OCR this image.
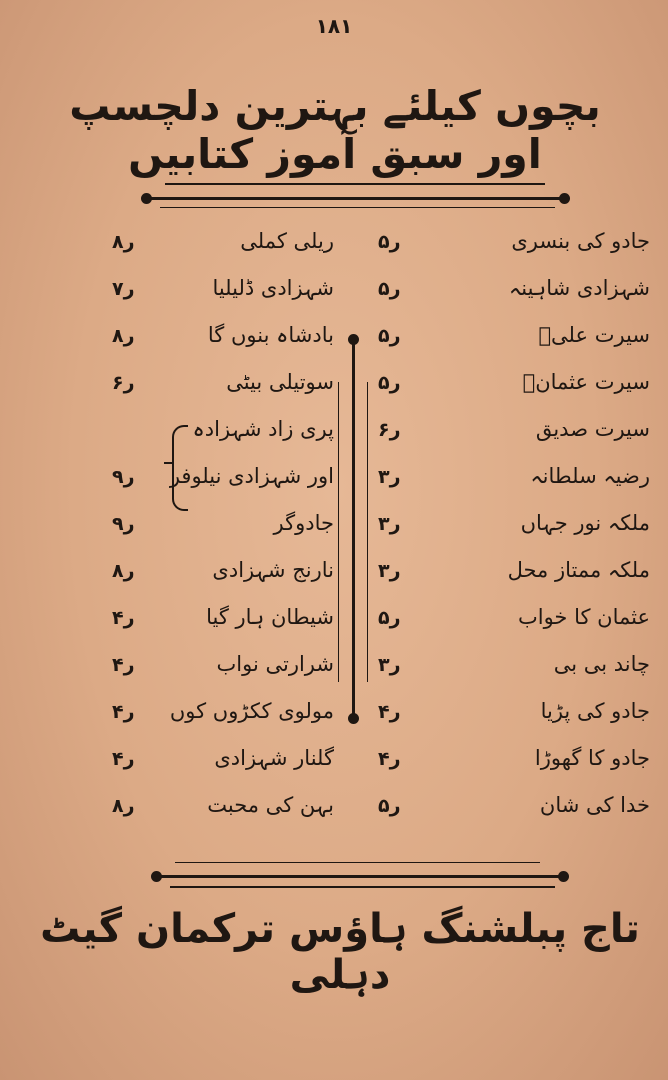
۱۸۱
بچوں کیلئے بہترین دلچسپ اور سبق آموز کتابیں
جادو کی بنسری
۵ر
شہزادی شاہینہ
۵ر
سیرت علیؓ
۵ر
سیرت عثمانؓ
۵ر
سیرت صدیق
۶ر
رضیہ سلطانہ
۳ر
ملکہ نور جہاں
۳ر
ملکہ ممتاز محل
۳ر
عثمان کا خواب
۵ر
چاند بی بی
۳ر
جادو کی پڑیا
۴ر
جادو کا گھوڑا
۴ر
خدا کی شان
۵ر
ریلی کملی
۸ر
شہزادی ڈلیلیا
۷ر
بادشاہ بنوں گا
۸ر
سوتیلی بیٹی
۶ر
پری زاد شہزادہ
اور شہزادی نیلوفر
۹ر
جادوگر
۹ر
نارنج شہزادی
۸ر
شیطان ہار گیا
۴ر
شرارتی نواب
۴ر
مولوی ککڑوں کوں
۴ر
گلنار شہزادی
۴ر
بہن کی محبت
۸ر
تاج پبلشنگ ہاؤس ترکمان گیٹ دہلی
